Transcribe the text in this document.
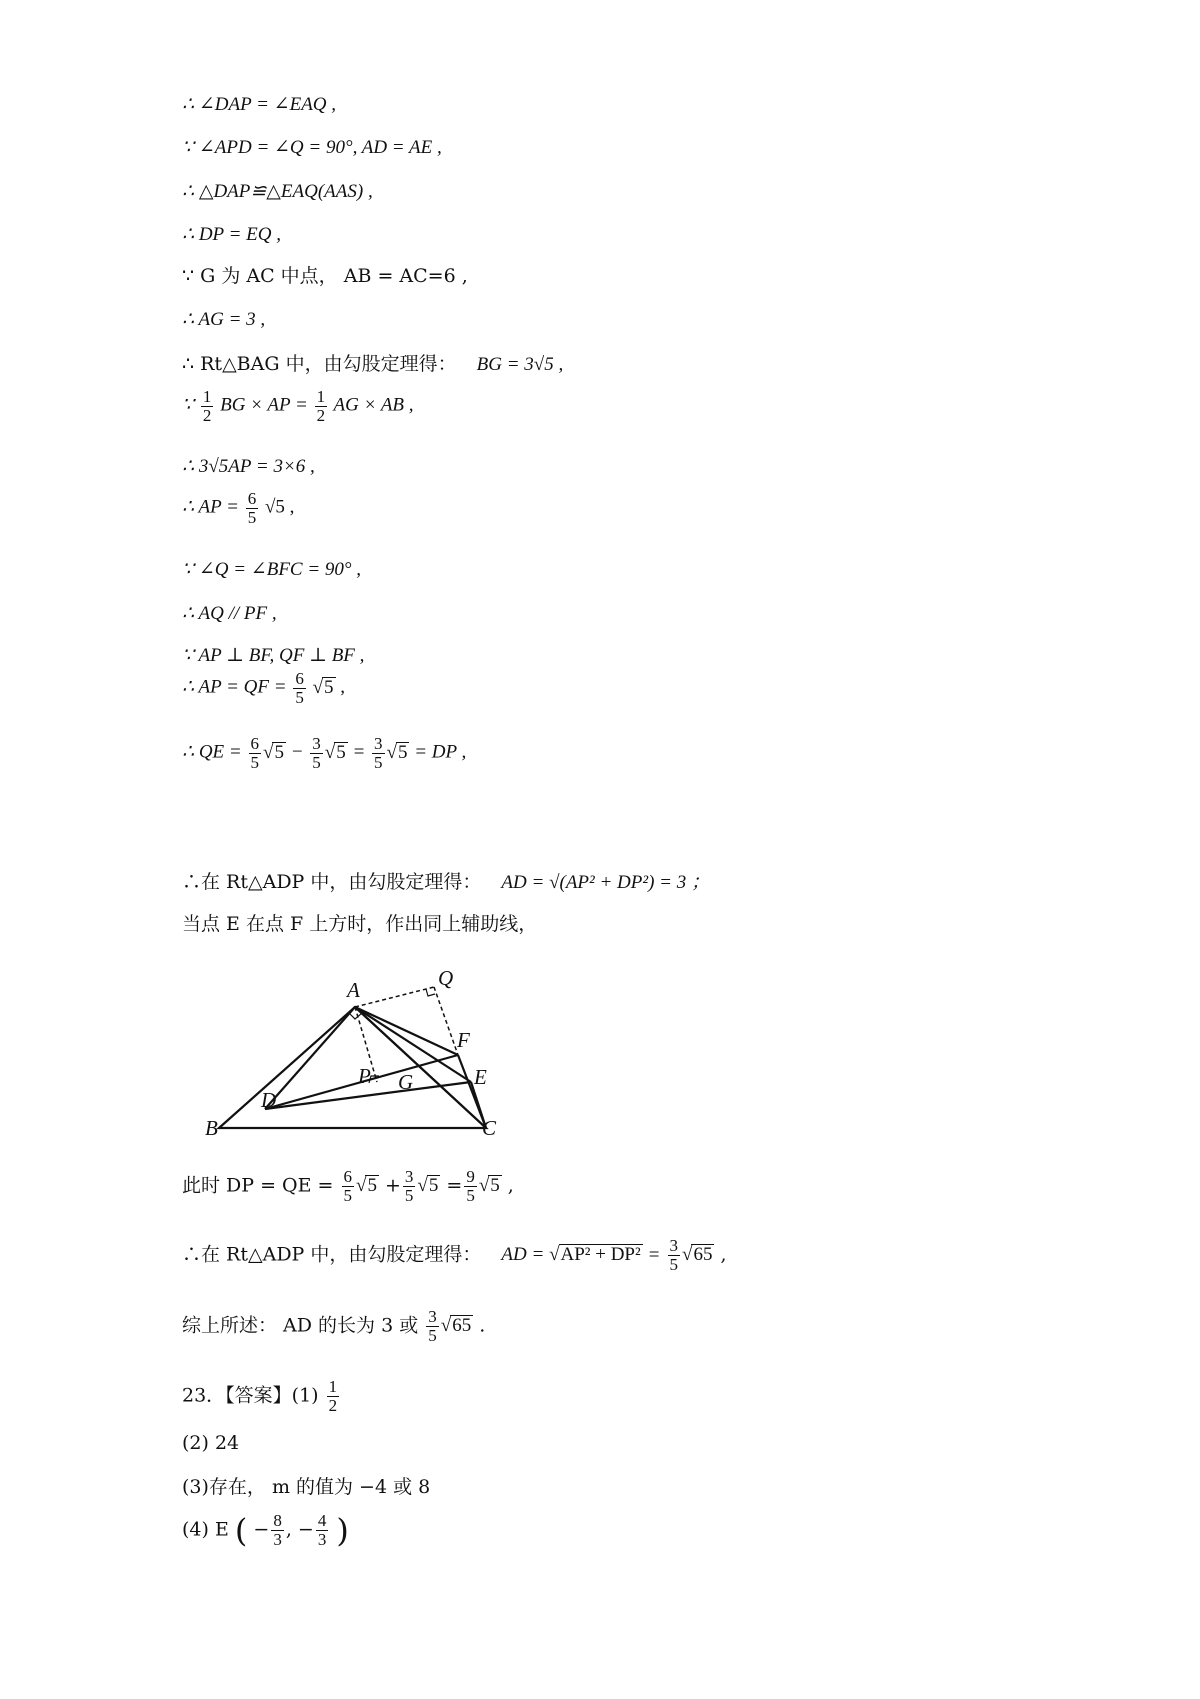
∴ ∠DAP = ∠EAQ ,
∵ ∠APD = ∠Q = 90°, AD = AE ,
∴ △DAP≌△EAQ(AAS) ,
∴ DP = EQ ,
∵ G 为 AC 中点， AB = AC=6 ,
∴ AG = 3 ,
∴ Rt△BAG 中，由勾股定理得： BG = 3√5 ,
∵ $\frac{1}{2}$ BG × AP = $\frac{1}{2}$ AG × AB ,
∴ 3√5AP = 3×6 ,
∴ AP = $\frac{6}{5} √5$ ,
∵ ∠Q = ∠BFC = 90° ,
∴ AQ // PF ,
∵ AP ⊥ BF, QF ⊥ BF ,
∴ AP = QF = $\frac{6}{5} √5$ ,
∴ QE = $\frac{6}{5} √5 - \frac{3}{5} √5 = \frac{3}{5} √5$ = DP ,
∴在 Rt△ADP 中，由勾股定理得： AD = √(AP² + DP²) = 3 ；
当点 E 在点 F 上方时，作出同上辅助线，
A	Q
F
E
P G
D
B	C
此时 DP = QE = $\frac{6}{5} √5 + \frac{3}{5} √5 = \frac{9}{5} √5$ ,
∴在 Rt△ADP 中，由勾股定理得： AD = $√AP^2 + DP^2 = \frac{3}{5} √65$ ,
综上所述： AD 的长为 3 或 $\frac{3}{5} √65$ .
23．【答案】$(1) \frac{1}{2}$
(2) 24
(3)存在， m 的值为 −4 或 8
(4) E ( − $\frac{8}{3}$ , − $\frac{4}{3}$ )
